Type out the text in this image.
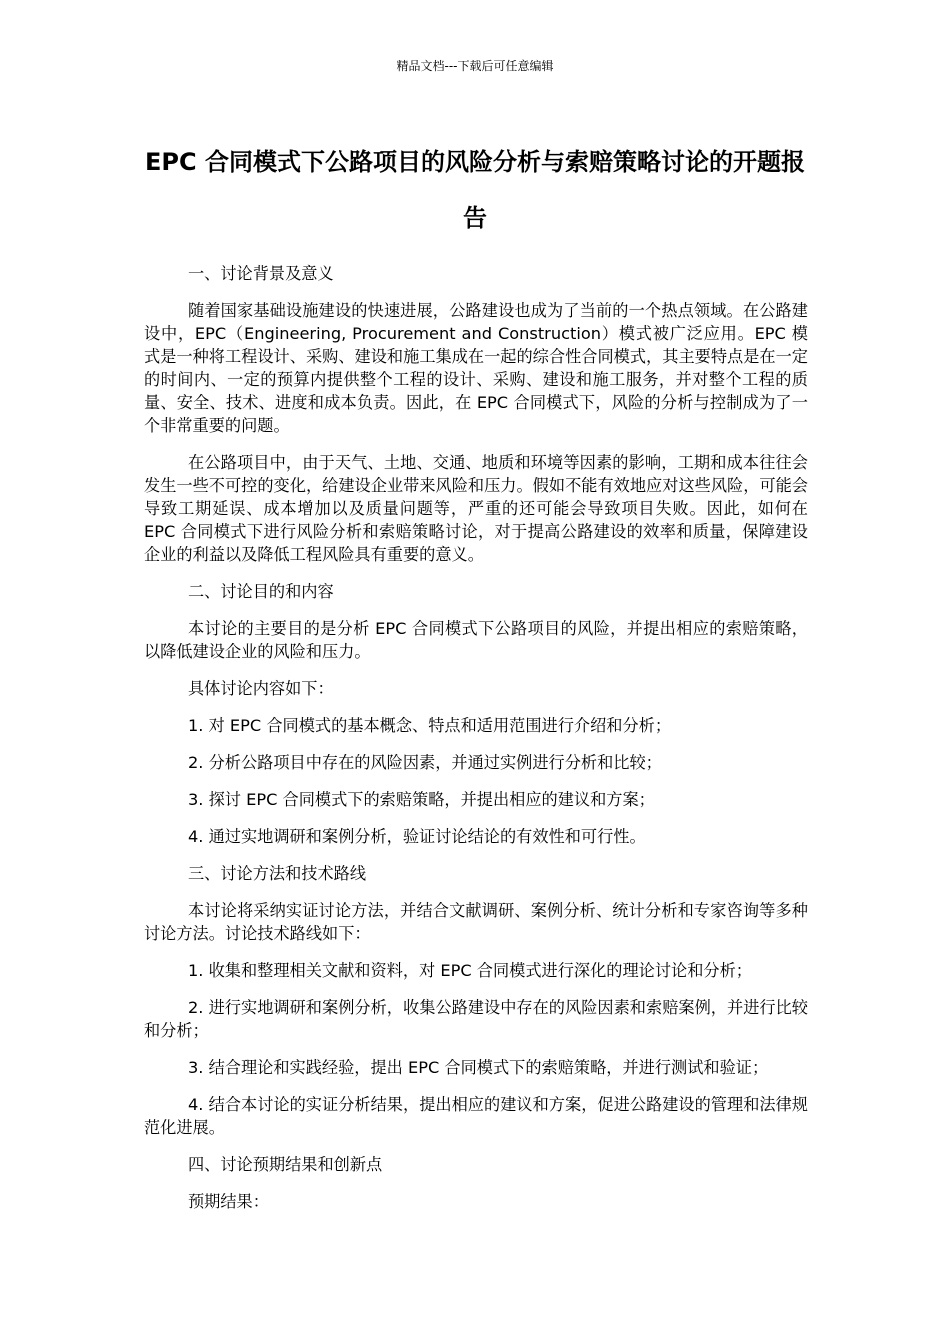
精品文档---下载后可任意编辑
EPC 合同模式下公路项目的风险分析与索赔策略讨论的开题报告

一、讨论背景及意义

随着国家基础设施建设的快速进展，公路建设也成为了当前的一个热点领域。在公路建设中，EPC（Engineering, Procurement and Construction）模式被广泛应用。EPC 模式是一种将工程设计、采购、建设和施工集成在一起的综合性合同模式，其主要特点是在一定的时间内、一定的预算内提供整个工程的设计、采购、建设和施工服务，并对整个工程的质量、安全、技术、进度和成本负责。因此，在 EPC 合同模式下，风险的分析与控制成为了一个非常重要的问题。

在公路项目中，由于天气、土地、交通、地质和环境等因素的影响，工期和成本往往会发生一些不可控的变化，给建设企业带来风险和压力。假如不能有效地应对这些风险，可能会导致工期延误、成本增加以及质量问题等，严重的还可能会导致项目失败。因此，如何在 EPC 合同模式下进行风险分析和索赔策略讨论，对于提高公路建设的效率和质量，保障建设企业的利益以及降低工程风险具有重要的意义。

二、讨论目的和内容

本讨论的主要目的是分析 EPC 合同模式下公路项目的风险，并提出相应的索赔策略，以降低建设企业的风险和压力。

具体讨论内容如下：

1. 对 EPC 合同模式的基本概念、特点和适用范围进行介绍和分析；

2. 分析公路项目中存在的风险因素，并通过实例进行分析和比较；

3. 探讨 EPC 合同模式下的索赔策略，并提出相应的建议和方案；

4. 通过实地调研和案例分析，验证讨论结论的有效性和可行性。

三、讨论方法和技术路线

本讨论将采纳实证讨论方法，并结合文献调研、案例分析、统计分析和专家咨询等多种讨论方法。讨论技术路线如下：

1. 收集和整理相关文献和资料，对 EPC 合同模式进行深化的理论讨论和分析；

2. 进行实地调研和案例分析，收集公路建设中存在的风险因素和索赔案例，并进行比较和分析；

3. 结合理论和实践经验，提出 EPC 合同模式下的索赔策略，并进行测试和验证；

4. 结合本讨论的实证分析结果，提出相应的建议和方案，促进公路建设的管理和法律规范化进展。

四、讨论预期结果和创新点

预期结果：
